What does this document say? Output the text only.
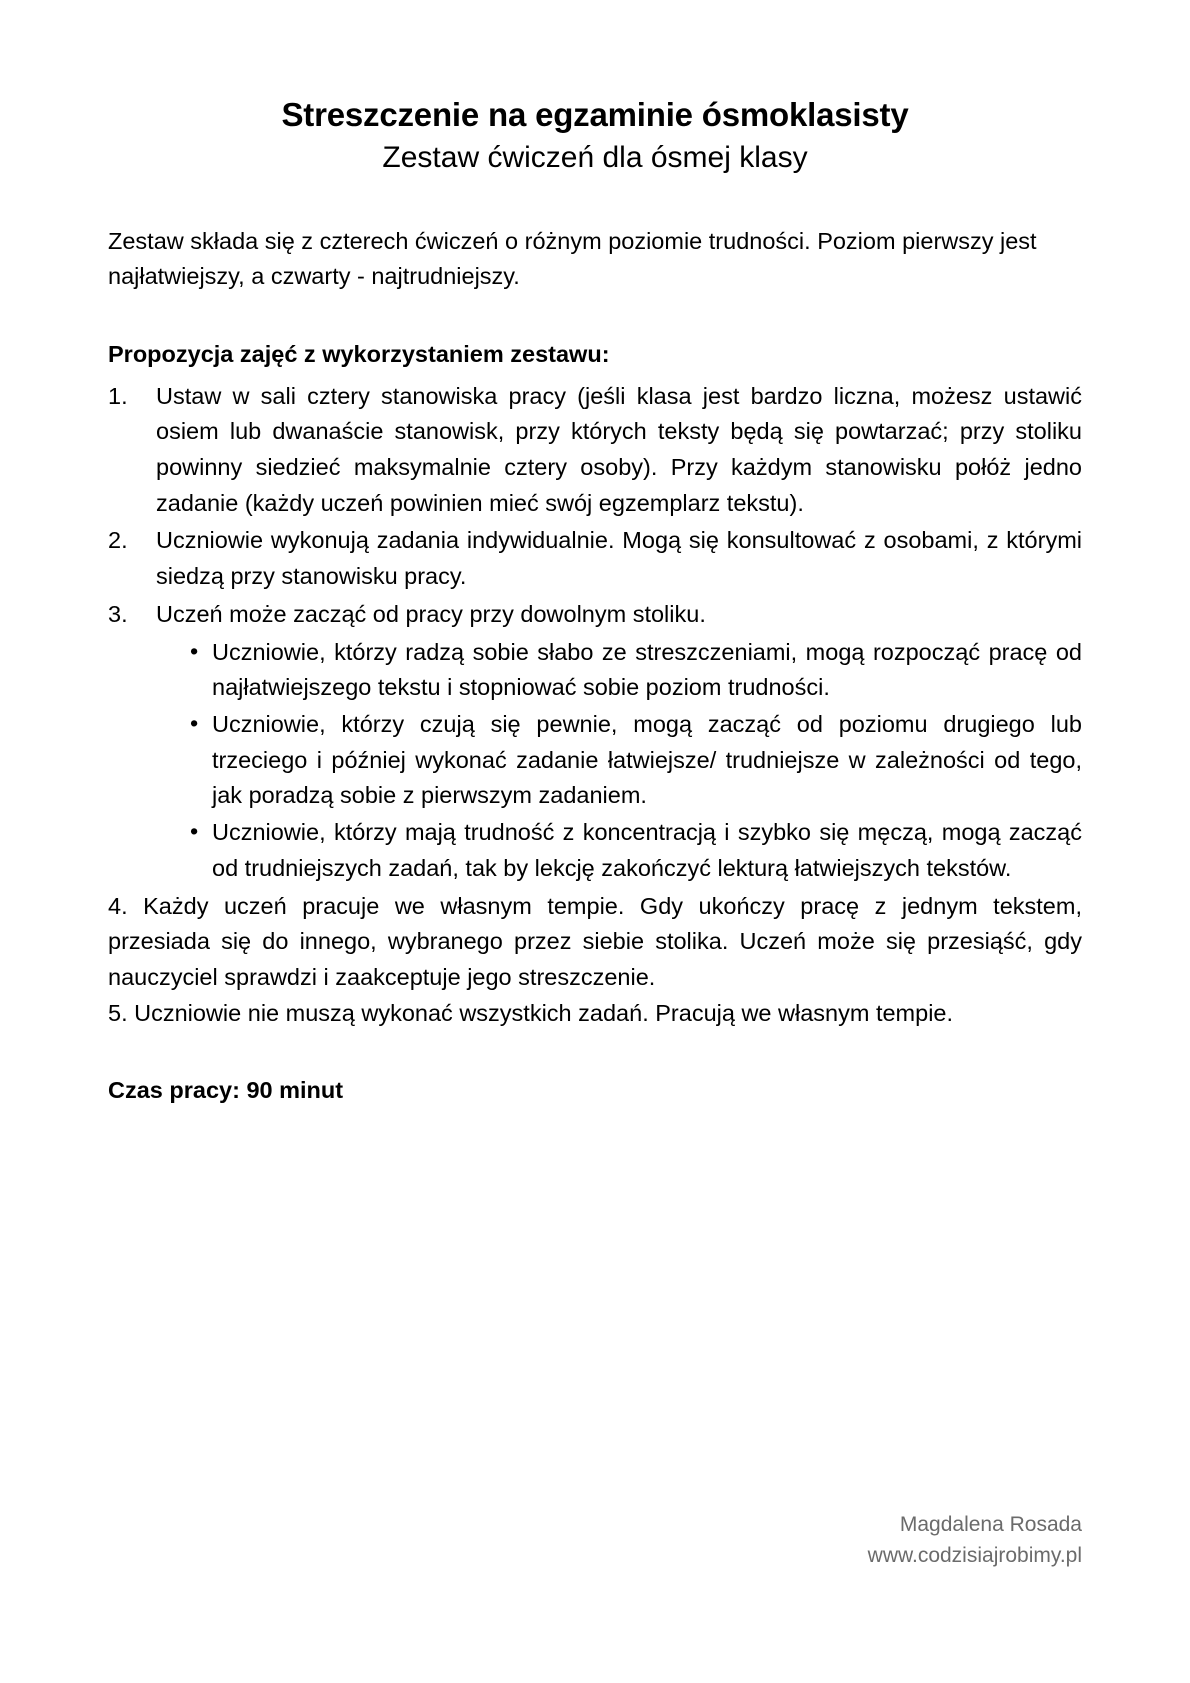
Streszczenie na egzaminie ósmoklasisty
Zestaw ćwiczeń dla ósmej klasy

Zestaw składa się z czterech ćwiczeń o różnym poziomie trudności. Poziom pierwszy jest najłatwiejszy, a czwarty - najtrudniejszy.

Propozycja zajęć z wykorzystaniem zestawu:
1.	Ustaw w sali cztery stanowiska pracy (jeśli klasa jest bardzo liczna, możesz ustawić osiem lub dwanaście stanowisk, przy których teksty będą się powtarzać; przy stoliku powinny siedzieć maksymalnie cztery osoby). Przy każdym stanowisku połóż jedno zadanie (każdy uczeń powinien mieć swój egzemplarz tekstu).
2.	Uczniowie wykonują zadania indywidualnie. Mogą się konsultować z osobami, z którymi siedzą przy stanowisku pracy.
3.	Uczeń może zacząć od pracy przy dowolnym stoliku.
• Uczniowie, którzy radzą sobie słabo ze streszczeniami, mogą rozpocząć pracę od najłatwiejszego tekstu i stopniować sobie poziom trudności.
• Uczniowie, którzy czują się pewnie, mogą zacząć od poziomu drugiego lub trzeciego i później wykonać zadanie łatwiejsze/ trudniejsze w zależności od tego, jak poradzą sobie z pierwszym zadaniem.
• Uczniowie, którzy mają trudność z koncentracją i szybko się męczą, mogą zacząć od trudniejszych zadań, tak by lekcję zakończyć lekturą łatwiejszych tekstów.

4. Każdy uczeń pracuje we własnym tempie. Gdy ukończy pracę z jednym tekstem, przesiada się do innego, wybranego przez siebie stolika. Uczeń może się przesiąść, gdy nauczyciel sprawdzi i zaakceptuje jego streszczenie.

5. Uczniowie nie muszą wykonać wszystkich zadań. Pracują we własnym tempie.

Czas pracy: 90 minut
Magdalena Rosada
www.codzisiajrobimy.pl
